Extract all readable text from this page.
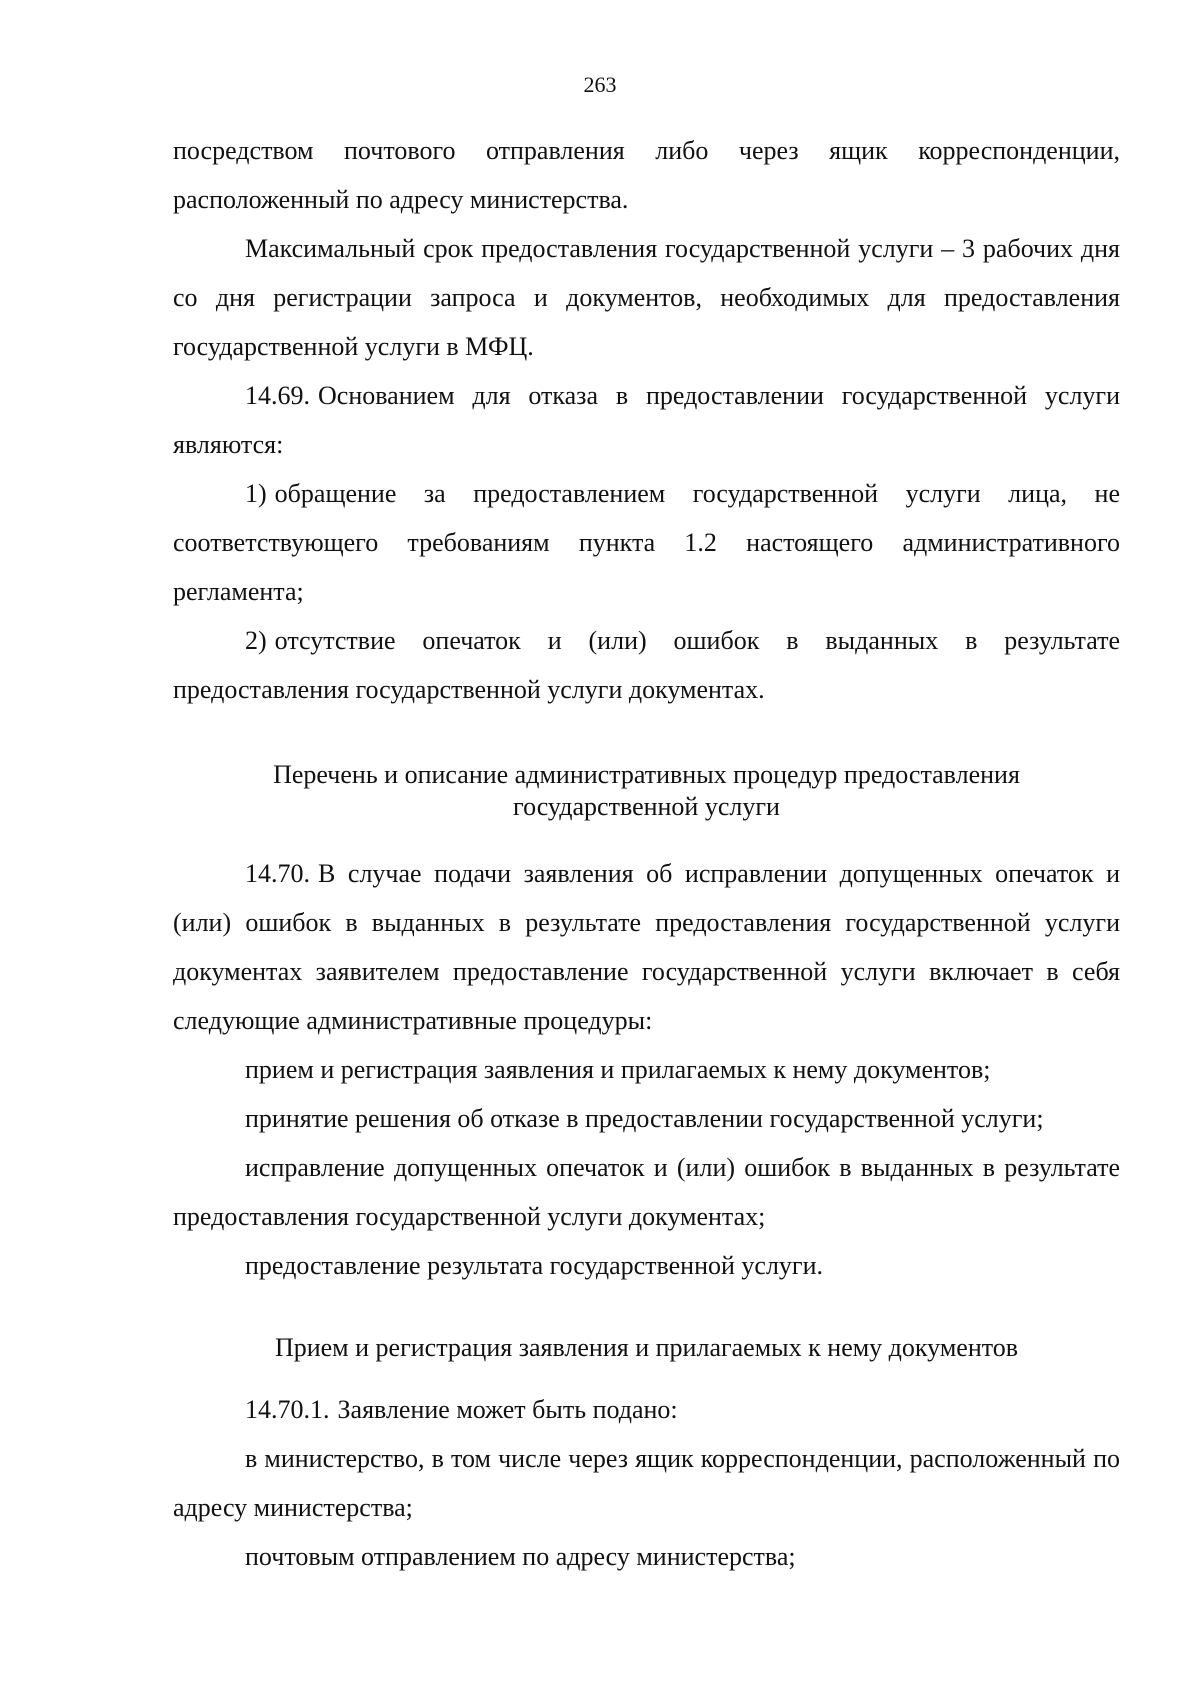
263

посредством почтового отправления либо через ящик корреспонденции, расположенный по адресу министерства.

Максимальный срок предоставления государственной услуги – 3 рабочих дня со дня регистрации запроса и документов, необходимых для предоставления государственной услуги в МФЦ.

14.69. Основанием для отказа в предоставлении государственной услуги являются:

1) обращение за предоставлением государственной услуги лица, не соответствующего требованиям пункта 1.2 настоящего административного регламента;

2) отсутствие опечаток и (или) ошибок в выданных в результате предоставления государственной услуги документах.

Перечень и описание административных процедур предоставления
государственной услуги

14.70. В случае подачи заявления об исправлении допущенных опечаток и (или) ошибок в выданных в результате предоставления государственной услуги документах заявителем предоставление государственной услуги включает в себя следующие административные процедуры:

прием и регистрация заявления и прилагаемых к нему документов;

принятие решения об отказе в предоставлении государственной услуги;

исправление допущенных опечаток и (или) ошибок в выданных в результате предоставления государственной услуги документах;

предоставление результата государственной услуги.

Прием и регистрация заявления и прилагаемых к нему документов

14.70.1. Заявление может быть подано:

в министерство, в том числе через ящик корреспонденции, расположенный по адресу министерства;

почтовым отправлением по адресу министерства;
